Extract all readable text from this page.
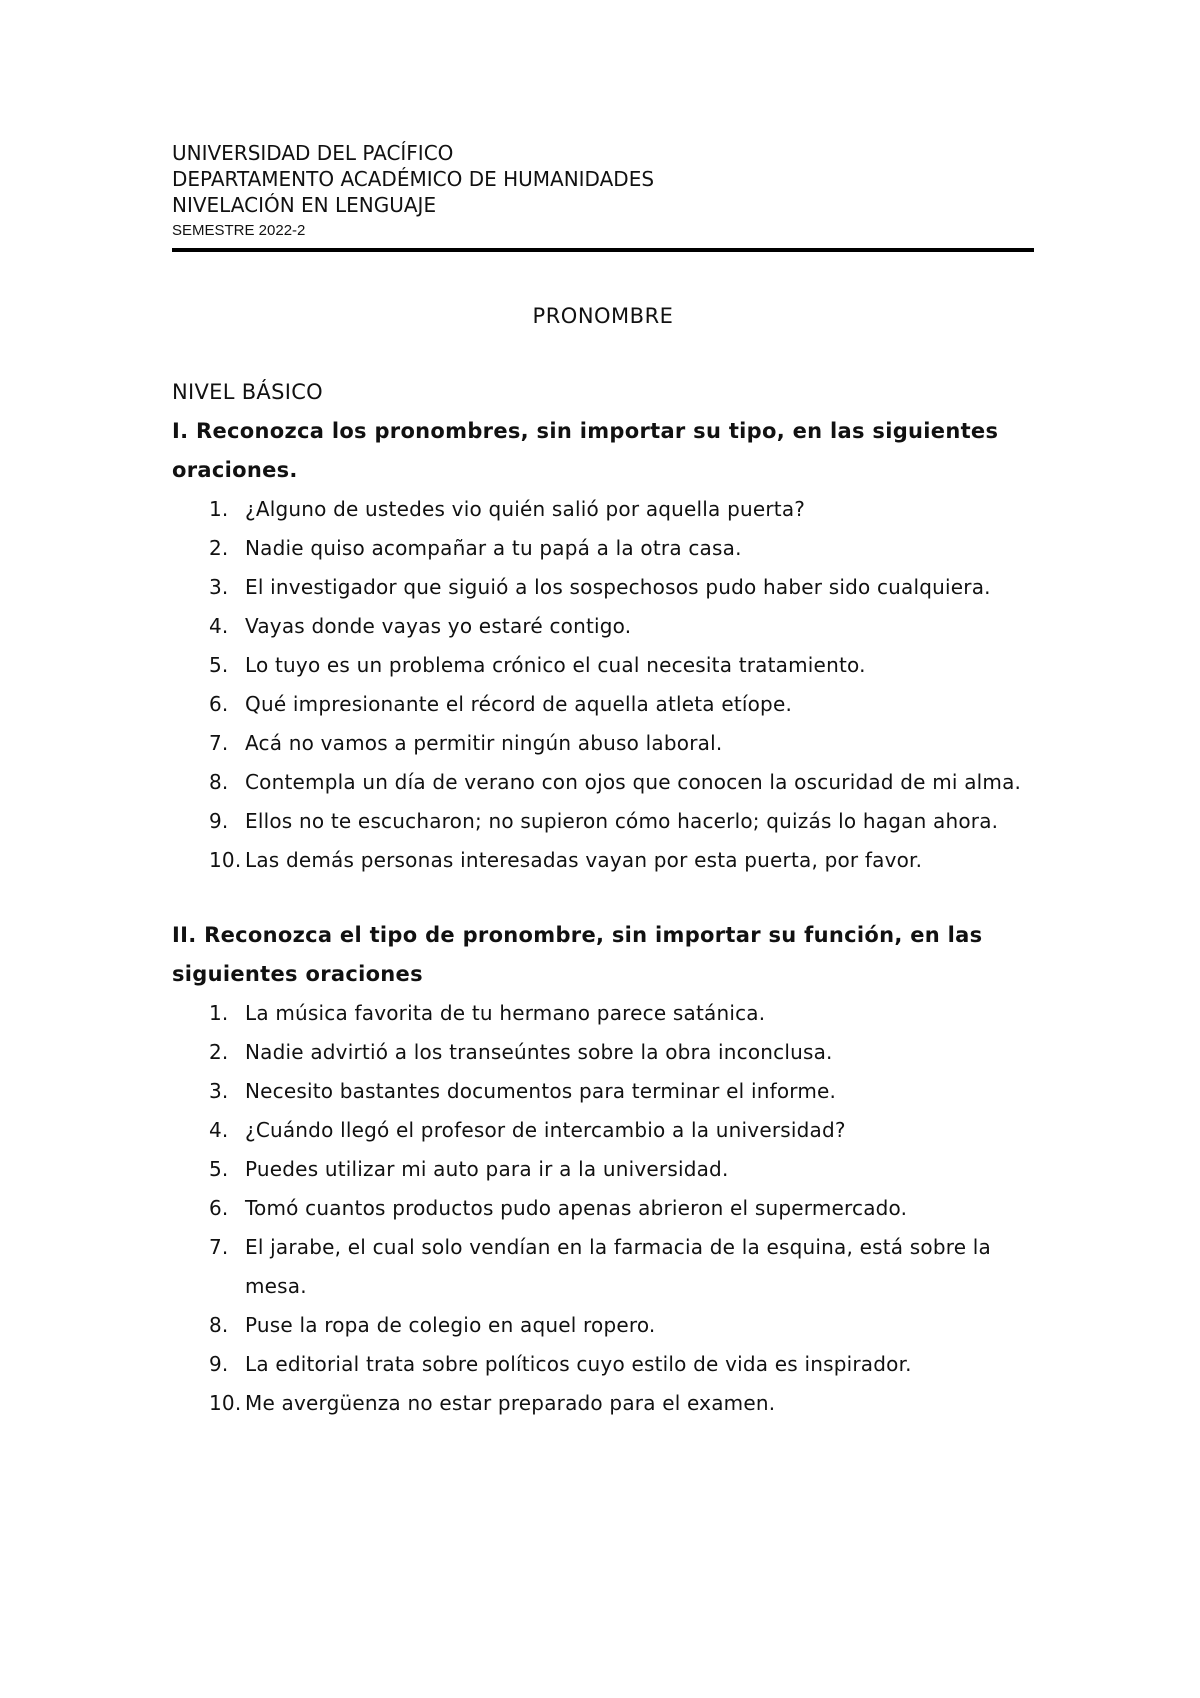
UNIVERSIDAD DEL PACÍFICO
DEPARTAMENTO ACADÉMICO DE HUMANIDADES
NIVELACIÓN EN LENGUAJE
SEMESTRE 2022-2
PRONOMBRE
NIVEL BÁSICO
I. Reconozca los pronombres, sin importar su tipo, en las siguientes oraciones.
1. ¿Alguno de ustedes vio quién salió por aquella puerta?
2. Nadie quiso acompañar a tu papá a la otra casa.
3. El investigador que siguió a los sospechosos pudo haber sido cualquiera.
4. Vayas donde vayas yo estaré contigo.
5. Lo tuyo es un problema crónico el cual necesita tratamiento.
6. Qué impresionante el récord de aquella atleta etíope.
7. Acá no vamos a permitir ningún abuso laboral.
8. Contempla un día de verano con ojos que conocen la oscuridad de mi alma.
9. Ellos no te escucharon; no supieron cómo hacerlo; quizás lo hagan ahora.
10. Las demás personas interesadas vayan por esta puerta, por favor.
II. Reconozca el tipo de pronombre, sin importar su función, en las siguientes oraciones
1. La música favorita de tu hermano parece satánica.
2. Nadie advirtió a los transeúntes sobre la obra inconclusa.
3. Necesito bastantes documentos para terminar el informe.
4. ¿Cuándo llegó el profesor de intercambio a la universidad?
5. Puedes utilizar mi auto para ir a la universidad.
6. Tomó cuantos productos pudo apenas abrieron el supermercado.
7. El jarabe, el cual solo vendían en la farmacia de la esquina, está sobre la mesa.
8. Puse la ropa de colegio en aquel ropero.
9. La editorial trata sobre políticos cuyo estilo de vida es inspirador.
10. Me avergüenza no estar preparado para el examen.
